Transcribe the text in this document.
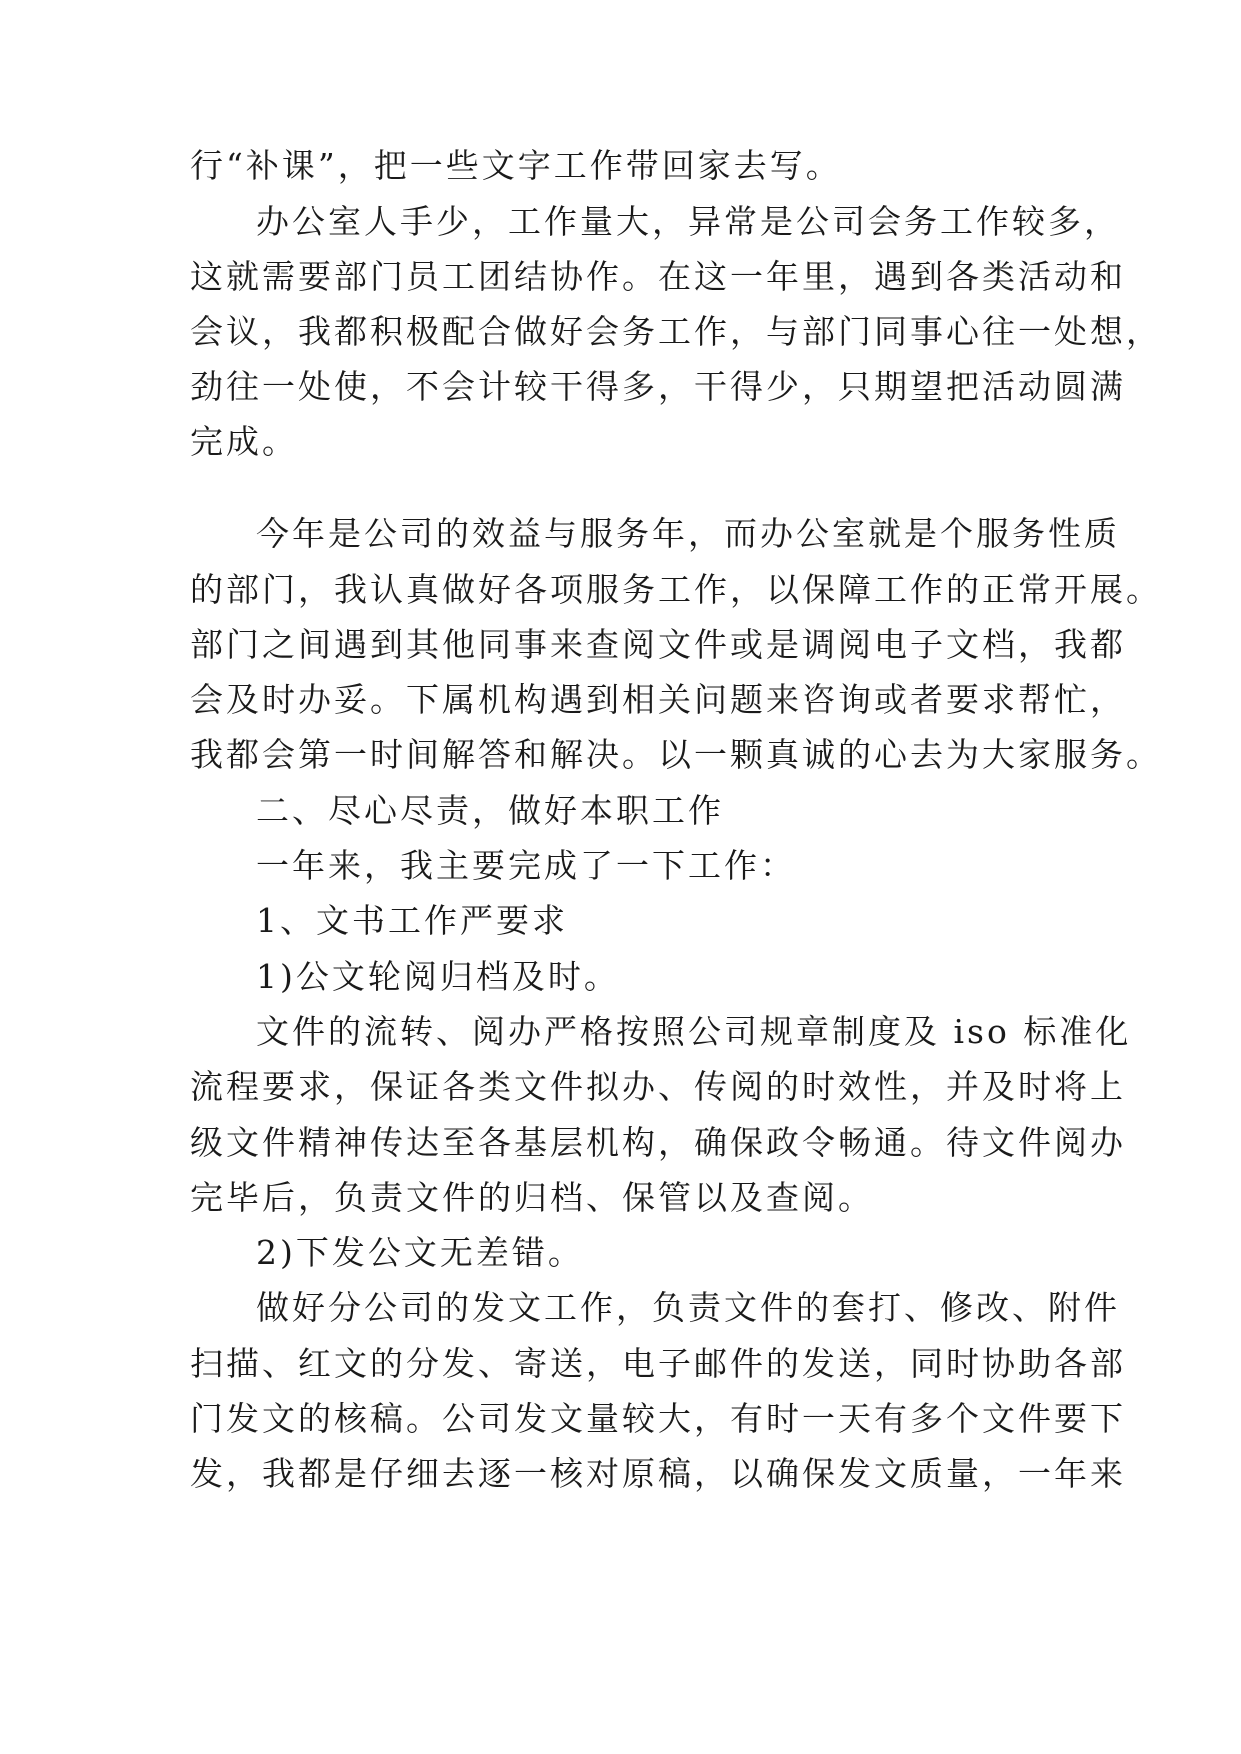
行“补课”，把一些文字工作带回家去写。
办公室人手少，工作量大，异常是公司会务工作较多，
这就需要部门员工团结协作。在这一年里，遇到各类活动和
会议，我都积极配合做好会务工作，与部门同事心往一处想，
劲往一处使，不会计较干得多，干得少，只期望把活动圆满
完成。
今年是公司的效益与服务年，而办公室就是个服务性质
的部门，我认真做好各项服务工作，以保障工作的正常开展。
部门之间遇到其他同事来查阅文件或是调阅电子文档，我都
会及时办妥。下属机构遇到相关问题来咨询或者要求帮忙，
我都会第一时间解答和解决。以一颗真诚的心去为大家服务。
二、尽心尽责，做好本职工作
一年来，我主要完成了一下工作：
1、文书工作严要求
1)公文轮阅归档及时。
文件的流转、阅办严格按照公司规章制度及 iso 标准化
流程要求，保证各类文件拟办、传阅的时效性，并及时将上
级文件精神传达至各基层机构，确保政令畅通。待文件阅办
完毕后，负责文件的归档、保管以及查阅。
2)下发公文无差错。
做好分公司的发文工作，负责文件的套打、修改、附件
扫描、红文的分发、寄送，电子邮件的发送，同时协助各部
门发文的核稿。公司发文量较大，有时一天有多个文件要下
发，我都是仔细去逐一核对原稿，以确保发文质量，一年来
